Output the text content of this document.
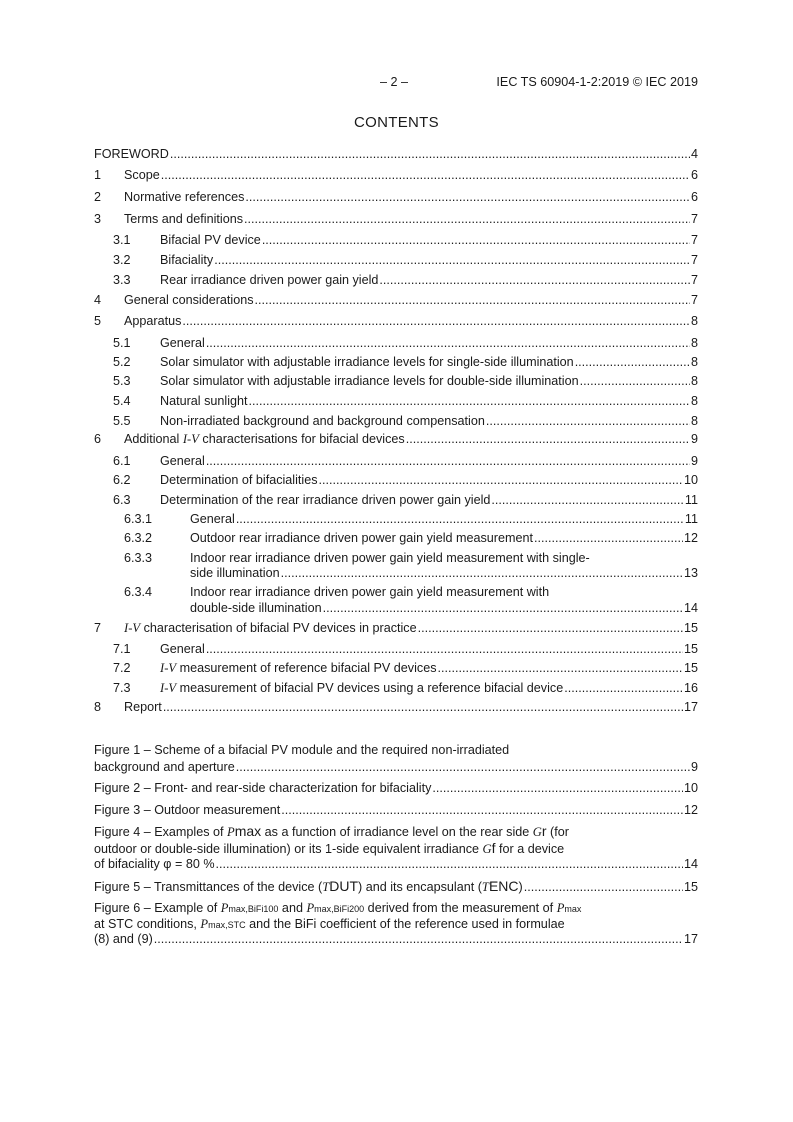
– 2 –	IEC TS 60904-1-2:2019 © IEC 2019
CONTENTS
FOREWORD .....	4
1 Scope .....	6
2 Normative references .....	6
3 Terms and definitions .....	7
3.1 Bifacial PV device .....	7
3.2 Bifaciality .....	7
3.3 Rear irradiance driven power gain yield .....	7
4 General considerations .....	7
5 Apparatus .....	8
5.1 General .....	8
5.2 Solar simulator with adjustable irradiance levels for single-side illumination .....	8
5.3 Solar simulator with adjustable irradiance levels for double-side illumination .....	8
5.4 Natural sunlight .....	8
5.5 Non-irradiated background and background compensation .....	8
6 Additional I-V characterisations for bifacial devices .....	9
6.1 General .....	9
6.2 Determination of bifacialities .....	10
6.3 Determination of the rear irradiance driven power gain yield .....	11
6.3.1	General .....	11
6.3.2	Outdoor rear irradiance driven power gain yield measurement .....	12
6.3.3	Indoor rear irradiance driven power gain yield measurement with single-
side illumination .....	13
6.3.4	Indoor rear irradiance driven power gain yield measurement with
double-side illumination .....	14
7 I-V characterisation of bifacial PV devices in practice .....	15
7.1 General .....	15
7.2 I-V measurement of reference bifacial PV devices .....	15
7.3 I-V measurement of bifacial PV devices using a reference bifacial device .....	16
8 Report .....	17
Figure 1 – Scheme of a bifacial PV module and the required non-irradiated
background and aperture .....	9
Figure 2 – Front- and rear-side characterization for bifaciality .....	10
Figure 3 – Outdoor measurement .....	12
Figure 4 – Examples of Pmax as a function of irradiance level on the rear side Gr (for
outdoor or double-side illumination) or its 1-side equivalent irradiance Gf for a device
of bifaciality φ = 80 % .....	14
Figure 5 – Transmittances of the device (TDUT) and its encapsulant (TENC) .....	15
Figure 6 – Example of Pmax,BiFi100 and Pmax,BiFi200 derived from the measurement of Pmax
at STC conditions, Pmax,STC and the BiFi coefficient of the reference used in formulae
(8) and (9) .....	17
